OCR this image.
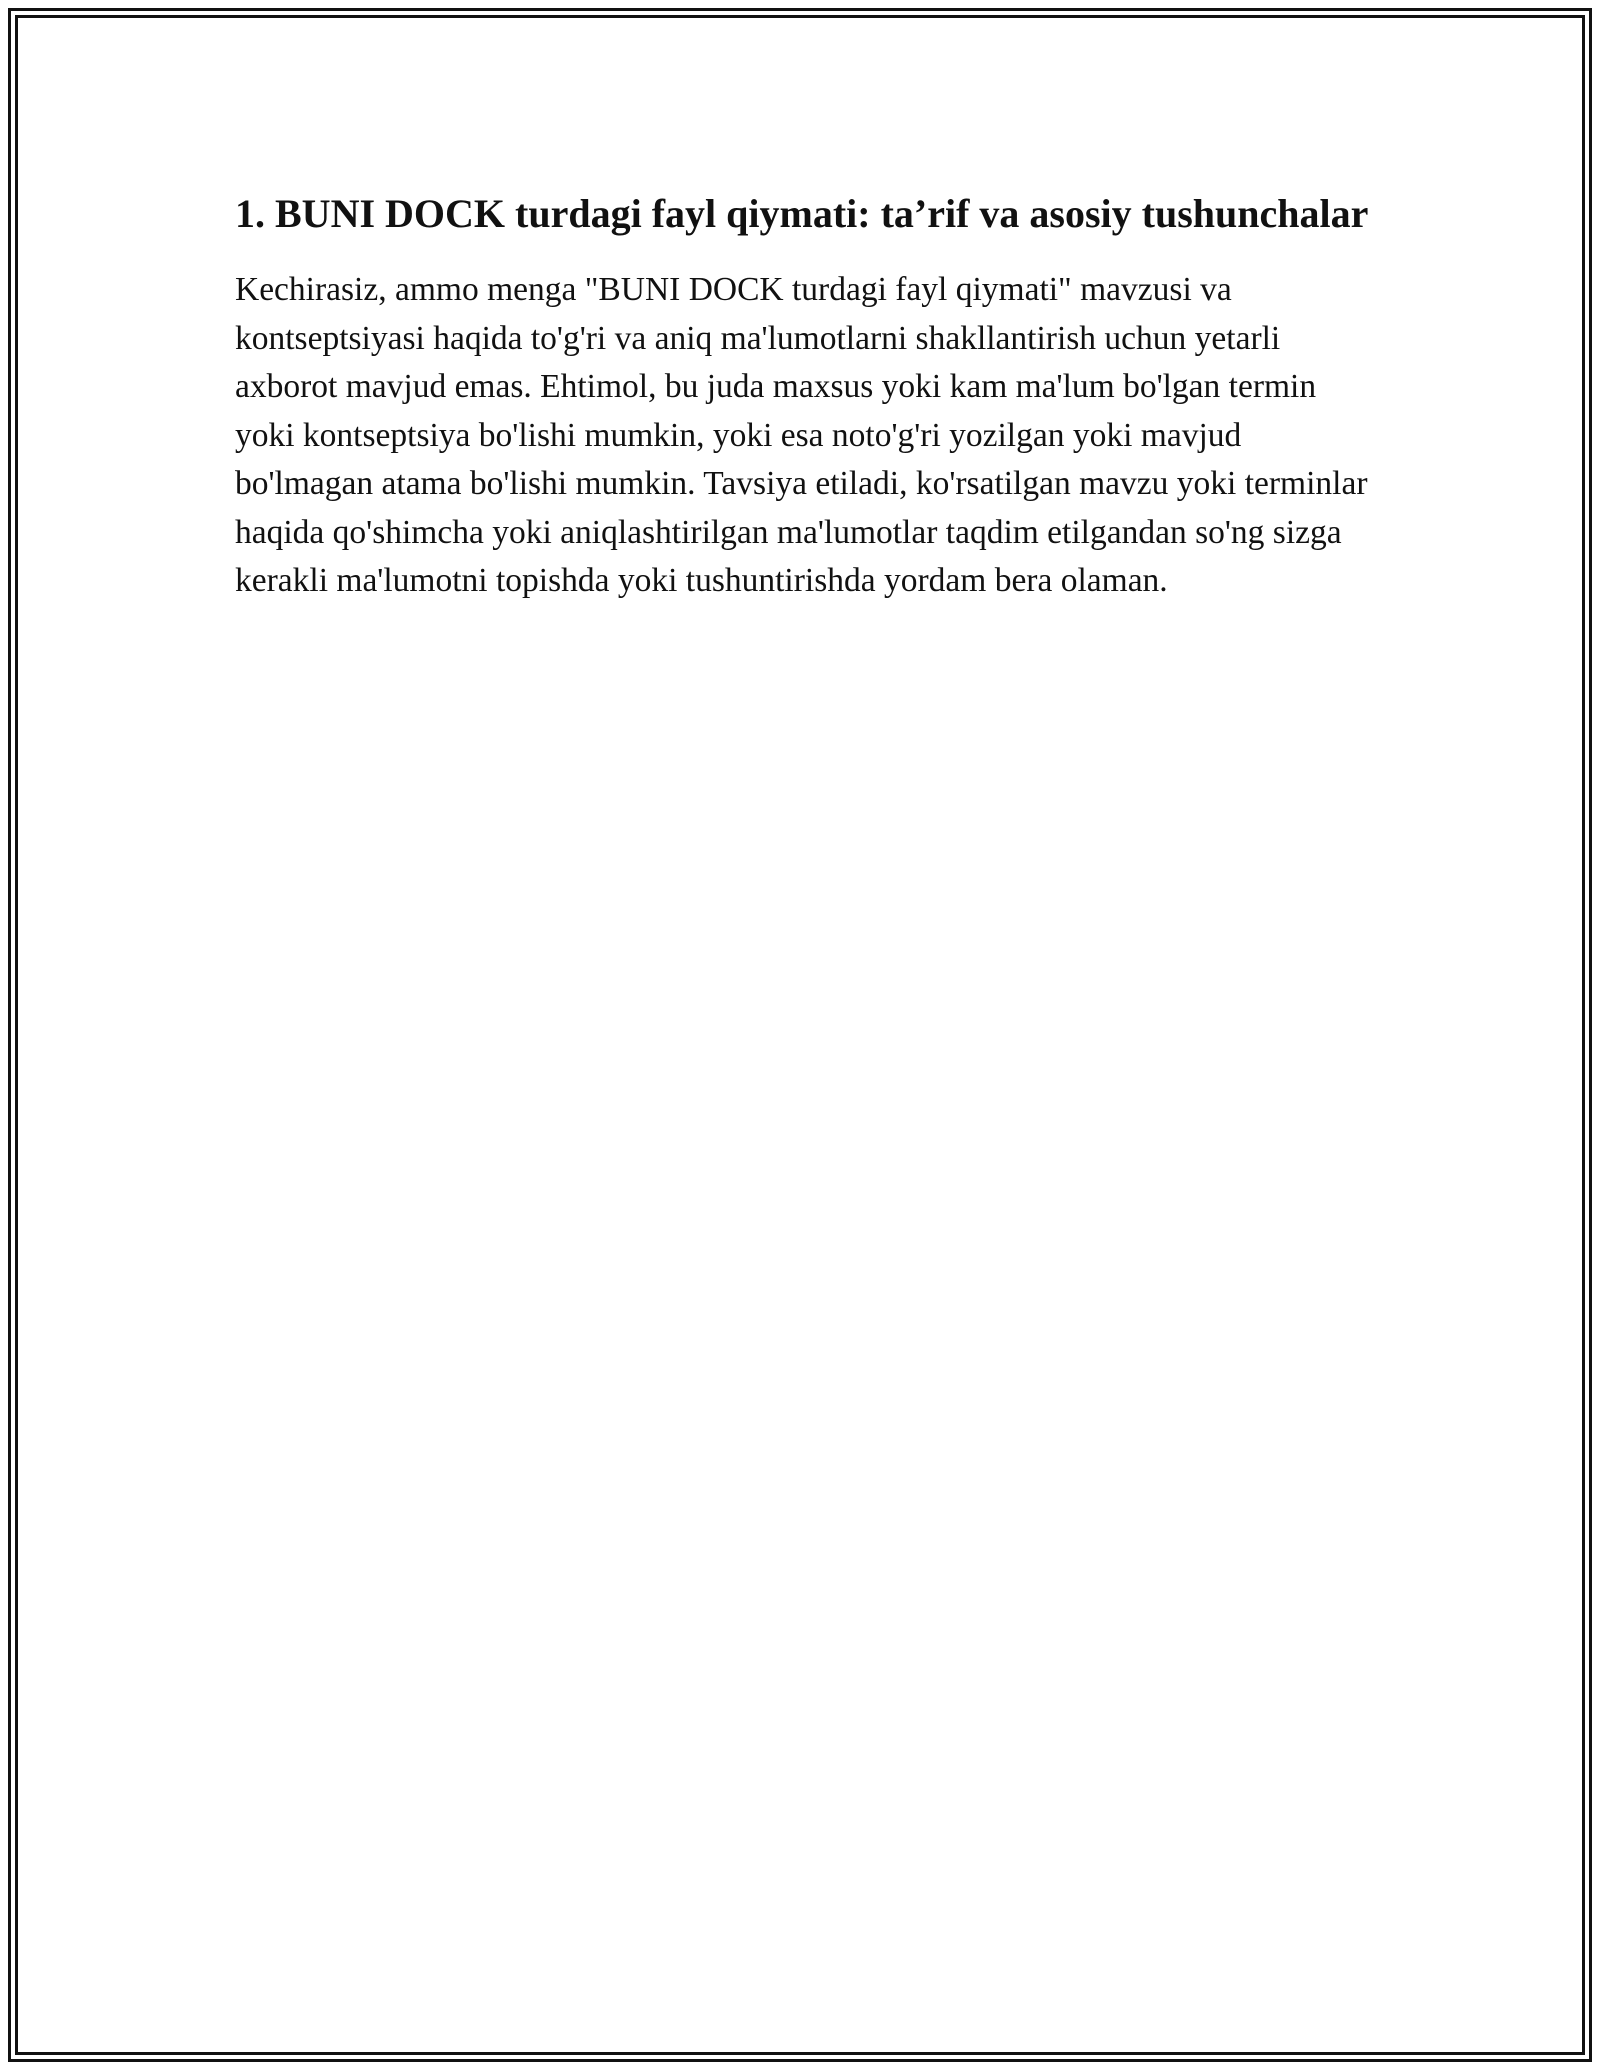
1. BUNI DOCK turdagi fayl qiymati: ta’rif va asosiy tushunchalar

Kechirasiz, ammo menga "BUNI DOCK turdagi fayl qiymati" mavzusi va kontseptsiyasi haqida to'g'ri va aniq ma'lumotlarni shakllantirish uchun yetarli axborot mavjud emas. Ehtimol, bu juda maxsus yoki kam ma'lum bo'lgan termin yoki kontseptsiya bo'lishi mumkin, yoki esa noto'g'ri yozilgan yoki mavjud bo'lmagan atama bo'lishi mumkin. Tavsiya etiladi, ko'rsatilgan mavzu yoki terminlar haqida qo'shimcha yoki aniqlashtirilgan ma'lumotlar taqdim etilgandan so'ng sizga kerakli ma'lumotni topishda yoki tushuntirishda yordam bera olaman.
